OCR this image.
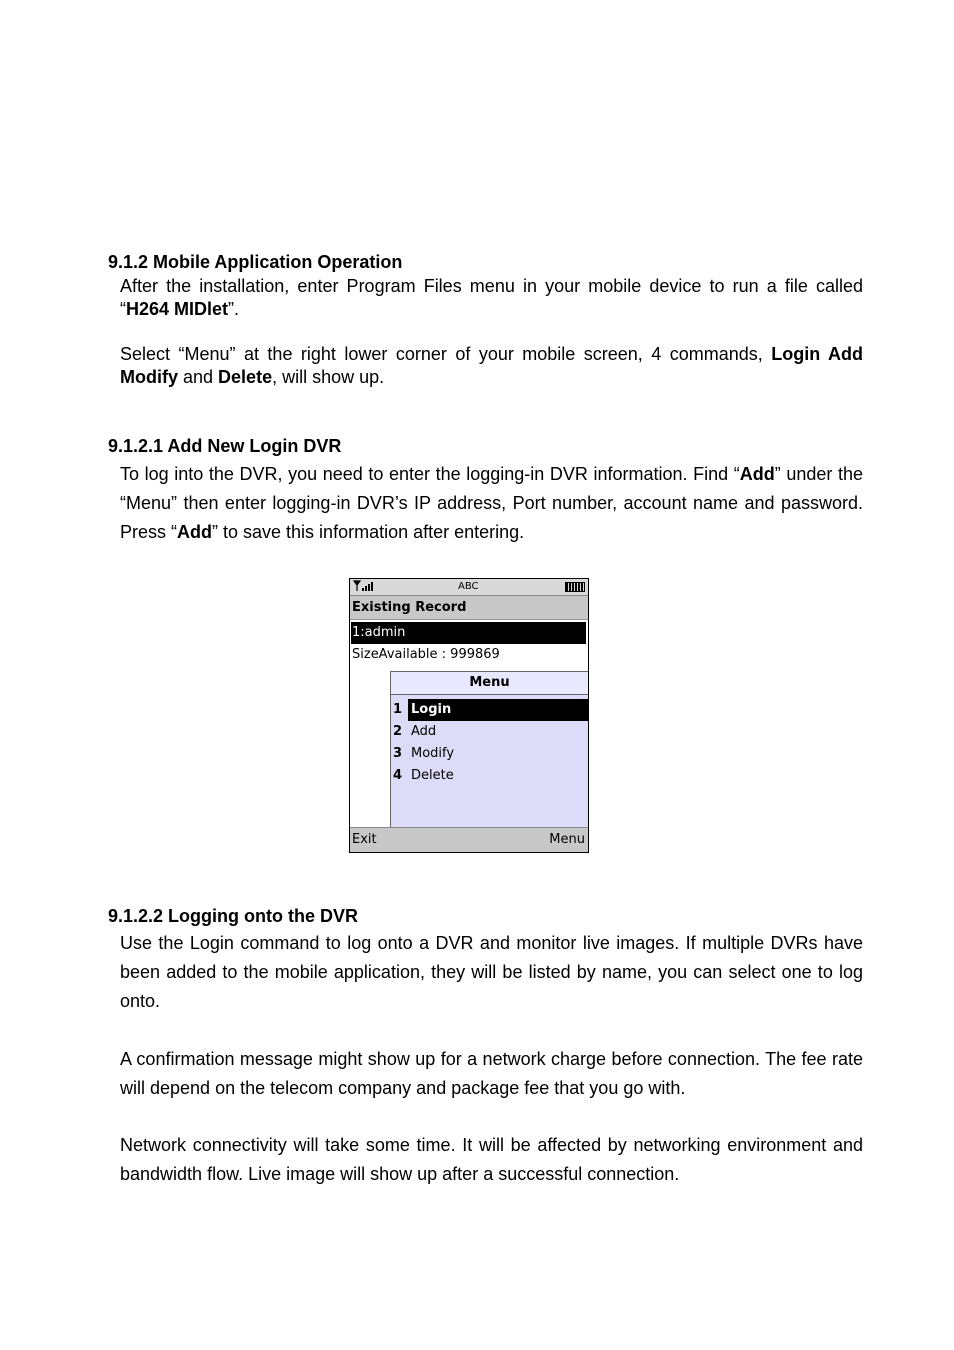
9.1.2 Mobile Application Operation

After the installation, enter Program Files menu in your mobile device to run a file called “H264 MIDlet”.

Select “Menu” at the right lower corner of your mobile screen, 4 commands, Login Add Modify and Delete, will show up.

9.1.2.1 Add New Login DVR

To log into the DVR, you need to enter the logging-in DVR information. Find “Add” under the “Menu” then enter logging-in DVR’s IP address, Port number, account name and password. Press “Add” to save this information after entering.

ABC
Existing Record
1:admin
SizeAvailable : 999869
Menu
1 Login
2 Add
3 Modify
4 Delete
Exit	Menu
9.1.2.2 Logging onto the DVR

Use the Login command to log onto a DVR and monitor live images. If multiple DVRs have been added to the mobile application, they will be listed by name, you can select one to log onto.

A confirmation message might show up for a network charge before connection. The fee rate will depend on the telecom company and package fee that you go with.

Network connectivity will take some time. It will be affected by networking environment and bandwidth flow. Live image will show up after a successful connection.
